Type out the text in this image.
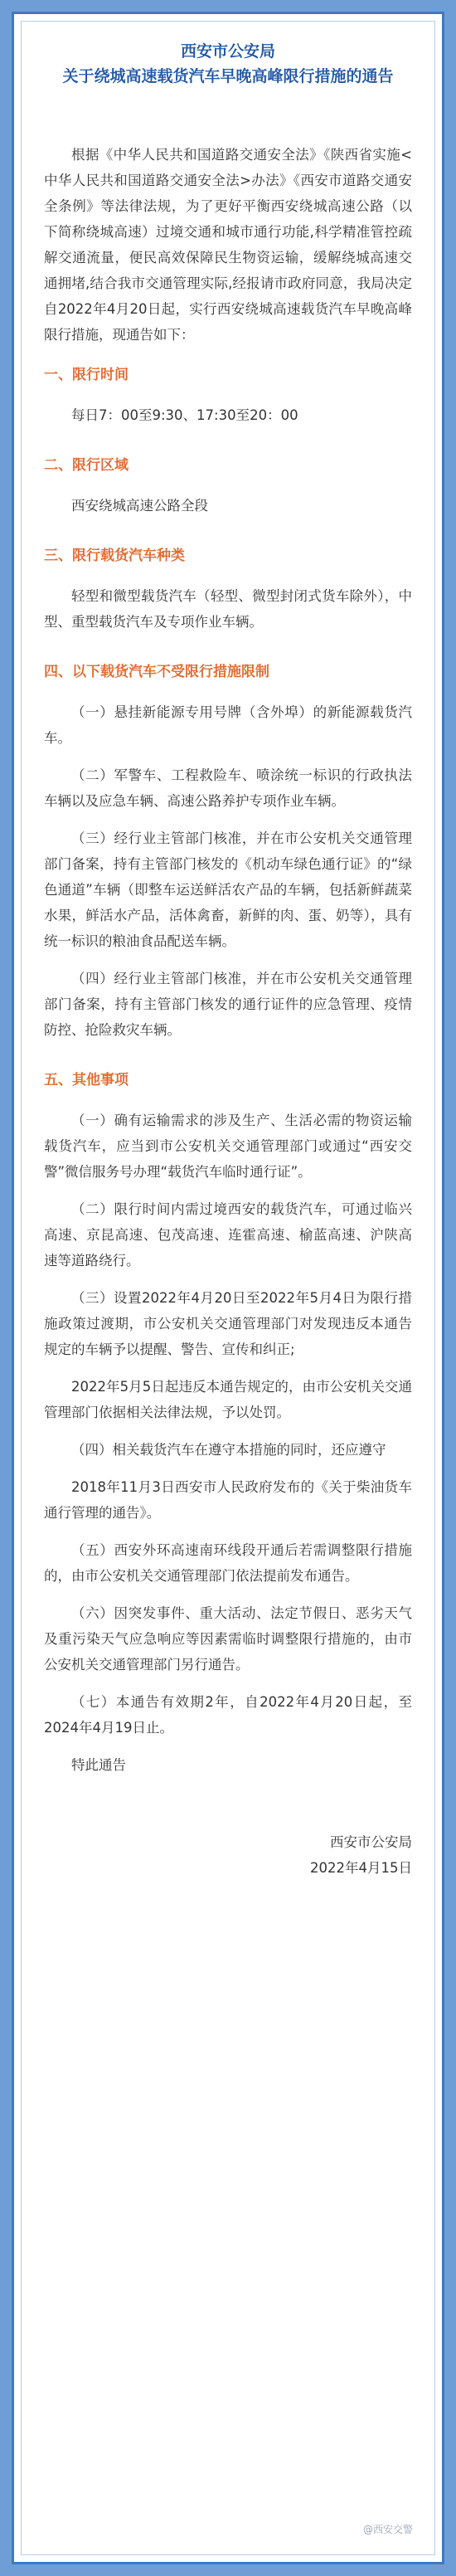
西安市公安局
关于绕城高速载货汽车早晚高峰限行措施的通告

根据《中华人民共和国道路交通安全法》《陕西省实施<中华人民共和国道路交通安全法>办法》《西安市道路交通安全条例》等法律法规，为了更好平衡西安绕城高速公路（以下简称绕城高速）过境交通和城市通行功能,科学精准管控疏解交通流量，便民高效保障民生物资运输，缓解绕城高速交通拥堵,结合我市交通管理实际,经报请市政府同意，我局决定自2022年4月20日起，实行西安绕城高速载货汽车早晚高峰限行措施，现通告如下：

一、限行时间

每日7：00至9:30、17:30至20：00

二、限行区域

西安绕城高速公路全段

三、限行载货汽车种类

轻型和微型载货汽车（轻型、微型封闭式货车除外），中型、重型载货汽车及专项作业车辆。

四、以下载货汽车不受限行措施限制

（一）悬挂新能源专用号牌（含外埠）的新能源载货汽车。

（二）军警车、工程救险车、喷涂统一标识的行政执法车辆以及应急车辆、高速公路养护专项作业车辆。

（三）经行业主管部门核准，并在市公安机关交通管理部门备案，持有主管部门核发的《机动车绿色通行证》的“绿色通道”车辆（即整车运送鲜活农产品的车辆，包括新鲜蔬菜水果，鲜活水产品，活体禽畜，新鲜的肉、蛋、奶等），具有统一标识的粮油食品配送车辆。

（四）经行业主管部门核准，并在市公安机关交通管理部门备案，持有主管部门核发的通行证件的应急管理、疫情防控、抢险救灾车辆。

五、其他事项

（一）确有运输需求的涉及生产、生活必需的物资运输载货汽车，应当到市公安机关交通管理部门或通过“西安交警”微信服务号办理“载货汽车临时通行证”。

（二）限行时间内需过境西安的载货汽车，可通过临兴高速、京昆高速、包茂高速、连霍高速、榆蓝高速、沪陕高速等道路绕行。

（三）设置2022年4月20日至2022年5月4日为限行措施政策过渡期，市公安机关交通管理部门对发现违反本通告规定的车辆予以提醒、警告、宣传和纠正;

2022年5月5日起违反本通告规定的，由市公安机关交通管理部门依据相关法律法规，予以处罚。

（四）相关载货汽车在遵守本措施的同时，还应遵守

2018年11月3日西安市人民政府发布的《关于柴油货车通行管理的通告》。

（五）西安外环高速南环线段开通后若需调整限行措施的，由市公安机关交通管理部门依法提前发布通告。

（六）因突发事件、重大活动、法定节假日、恶劣天气及重污染天气应急响应等因素需临时调整限行措施的，由市公安机关交通管理部门另行通告。

（七）本通告有效期2年，自2022年4月20日起，至2024年4月19日止。

特此通告

西安市公安局

2022年4月15日

@西安交警
